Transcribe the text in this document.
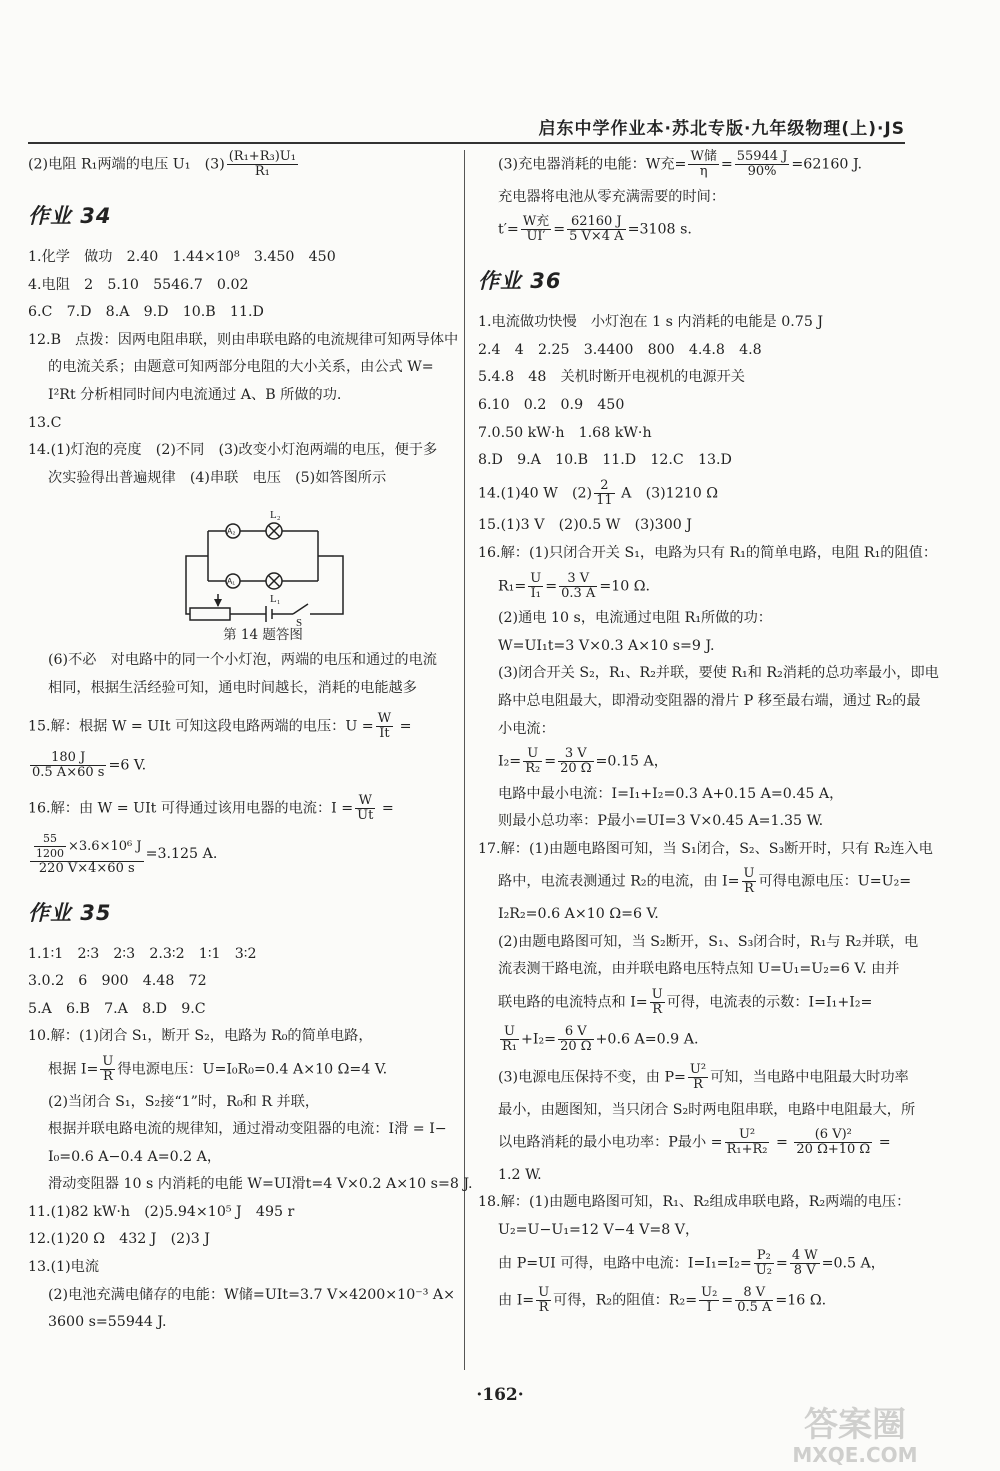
启东中学作业本·苏北专版·九年级物理(上)·JS
(2)电阻 R₁两端的电压 U₁　$(3) \frac{\text{(R₁+R₃)U₁}}{\text{R₁}}$
作业 34
1.化学　做功　2.40　1.44×10⁸　3.450　450
4.电阻　2　5.10　5546.7　0.02
6.C　7.D　8.A　9.D　10.B　11.D
12.B　点拨：因两电阻串联，则由串联电路的电流规律可知两导体中
的电流关系；由题意可知两部分电阻的大小关系，由公式 W=
I²Rt 分析相同时间内电流通过 A、B 所做的功.
13.C
14.(1)灯泡的亮度　(2)不同　(3)改变小灯泡两端的电压，便于多
次实验得出普遍规律　(4)串联　电压　(5)如答图所示
A₂
A₁
L₂
L₁
S
第 14 题答图
(6)不必　对电路中的同一个小灯泡，两端的电压和通过的电流
相同，根据生活经验可知，通电时间越长，消耗的电能越多
15.解：根据 W = UIt 可知这段电路两端的电压：$U = \frac{W}{It}$ =
$\frac{180 J}{0.5 A\times 60 s} =6$ V.
16.解：由 W = UIt 可得通过该用电器的电流：$I = \frac{W}{Ut}$ =
$\frac{\frac{55}{1200} \times 3.6\times 10^6 J}{220 V\times 4\times 60 s} =3.125$ A.
作业 35
1.1∶1　2∶3　2∶3　2.3∶2　1∶1　3∶2
3.0.2　6　900　4.48　72
5.A　6.B　7.A　8.D　9.C
10.解：(1)闭合 S₁，断开 S₂，电路为 R₀的简单电路，
根据 $I= \frac{U}{R}$ 得电源电压：U=I₀R₀=0.4 A×10 Ω=4 V.
(2)当闭合 S₁，S₂接“1”时，R₀和 R 并联，
根据并联电路电流的规律知，通过滑动变阻器的电流：I滑 = I−
I₀=0.6 A−0.4 A=0.2 A，
滑动变阻器 10 s 内消耗的电能 W=UI滑t=4 V×0.2 A×10 s=8 J.
11.(1)82 kW·h　(2)5.94×10⁵ J　495 r
12.(1)20 Ω　432 J　(2)3 J
13.(1)电流
(2)电池充满电储存的电能：W储=UIt=3.7 V×4200×10⁻³ A×
3600 s=55944 J.
(3)充电器消耗的电能：W充= $\frac{\text{W储}}{\eta} = \frac{55944 J}{90\%} =62160$ J.
充电器将电池从零充满需要的时间：
$t'= \frac{\text{W充}}{UI'} = \frac{62160 J}{5 V\times 4 A} =3108$ s.
作业 36
1.电流做功快慢　小灯泡在 1 s 内消耗的电能是 0.75 J
2.4　4　2.25　3.4400　800　4.4.8　4.8
5.4.8　48　关机时断开电视机的电源开关
6.10　0.2　0.9　450
7.0.50 kW·h　1.68 kW·h
8.D　9.A　10.B　11.D　12.C　13.D
14.(1)40 W　$(2) \frac{2}{11}$ A　(3)1210 Ω
15.(1)3 V　(2)0.5 W　(3)300 J
16.解：(1)只闭合开关 S₁，电路为只有 R₁的简单电路，电阻 R₁的阻值：
$R_1= \frac{U}{\text{I₁}} = \frac{3 V}{0.3 A} =10$ Ω.
(2)通电 10 s，电流通过电阻 R₁所做的功：
W=UI₁t=3 V×0.3 A×10 s=9 J.
(3)闭合开关 S₂，R₁、R₂并联，要使 R₁和 R₂消耗的总功率最小，即电
路中总电阻最大，即滑动变阻器的滑片 P 移至最右端，通过 R₂的最
小电流：
$I_2= \frac{U}{\text{R₂}} = \frac{3 V}{20 \Omega} =0.15$ A，
电路中最小电流：I=I₁+I₂=0.3 A+0.15 A=0.45 A，
则最小总功率：P最小=UI=3 V×0.45 A=1.35 W.
17.解：(1)由题电路图可知，当 S₁闭合，S₂、S₃断开时，只有 R₂连入电
路中，电流表测通过 R₂的电流，由 $I= \frac{U}{R}$ 可得电源电压：U=U₂=
I₂R₂=0.6 A×10 Ω=6 V.
(2)由题电路图可知，当 S₂断开，S₁、S₃闭合时，R₁与 R₂并联，电
流表测干路电流，由并联电路电压特点知 U=U₁=U₂=6 V. 由并
联电路的电流特点和 $I= \frac{U}{R}$ 可得，电流表的示数：I=I₁+I₂=
$\frac{U}{\text{R₁}} +I_2= \frac{6 V}{20 \Omega} +0.6$ A=0.9 A.
(3)电源电压保持不变，由 $P= \frac{\text{U²}}{R}$ 可知，当电路中电阻最大时功率
最小，由题图知，当只闭合 S₂时两电阻串联，电路中电阻最大，所
以电路消耗的最小电功率：P最小 = $\frac{\text{U²}}{\text{R₁+R₂}} = \frac{\text{(6 V)²}}{20 \Omega+10 \Omega}$ =
1.2 W.
18.解：(1)由题电路图可知，R₁、R₂组成串联电路，R₂两端的电压：
U₂=U−U₁=12 V−4 V=8 V，
由 P=UI 可得，电路中电流：$I=I_1=I_2= \frac{\text{P₂}}{\text{U₂}} = \frac{4 W}{8 V} =0.5$ A，
由 $I= \frac{U}{R}$ 可得，R₂的阻值：$R_2= \frac{\text{U₂}}{I} = \frac{8 V}{0.5 A} =16$ Ω.
·162·
答案圈
MXQE.COM
